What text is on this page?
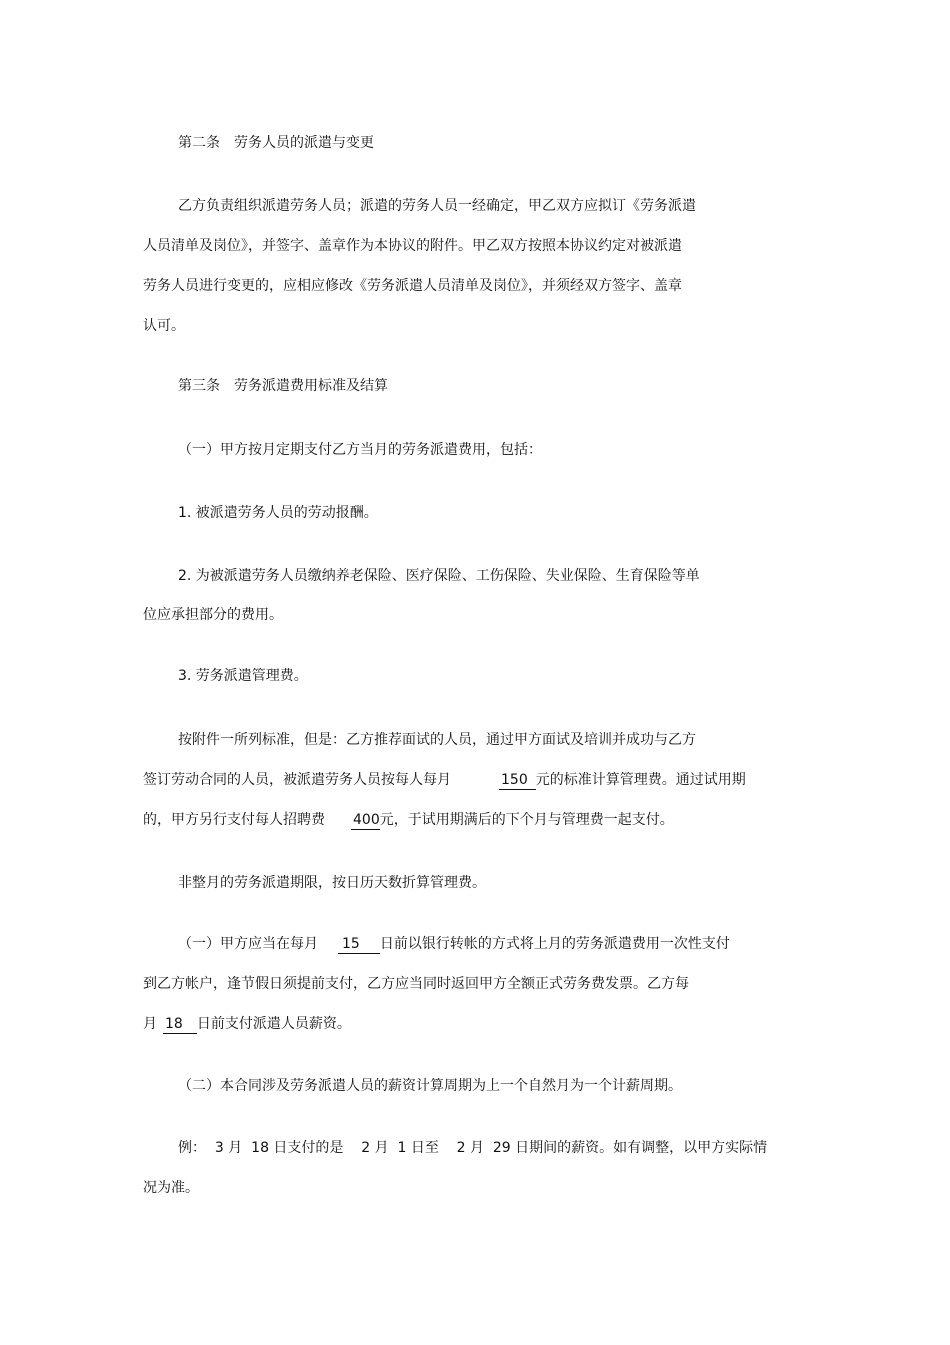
第二条　劳务人员的派遣与变更
乙方负责组织派遣劳务人员；派遣的劳务人员一经确定，甲乙双方应拟订《劳务派遣
人员清单及岗位》，并签字、盖章作为本协议的附件。甲乙双方按照本协议约定对被派遣
劳务人员进行变更的，应相应修改《劳务派遣人员清单及岗位》，并须经双方签字、盖章
认可。
第三条　劳务派遣费用标准及结算
（一）甲方按月定期支付乙方当月的劳务派遣费用，包括：
1. 被派遣劳务人员的劳动报酬。
2. 为被派遣劳务人员缴纳养老保险、医疗保险、工伤保险、失业保险、生育保险等单
位应承担部分的费用。
3. 劳务派遣管理费。
按附件一所列标准，但是：乙方推荐面试的人员，通过甲方面试及培训并成功与乙方
签订劳动合同的人员，被派遣劳务人员按每人每月	150 元的标准计算管理费。通过试用期
的，甲方另行支付每人招聘费 400元，于试用期满后的下个月与管理费一起支付。
非整月的劳务派遣期限，按日历天数折算管理费。
（一）甲方应当在每月 15 日前以银行转帐的方式将上月的劳务派遣费用一次性支付
到乙方帐户，逢节假日须提前支付，乙方应当同时返回甲方全额正式劳务费发票。乙方每
月 18 日前支付派遣人员薪资。
（二）本合同涉及劳务派遣人员的薪资计算周期为上一个自然月为一个计薪周期。
例：  3 月  18 日支付的是    2 月  1 日至    2 月  29 日期间的薪资。如有调整，以甲方实际情
况为准。
